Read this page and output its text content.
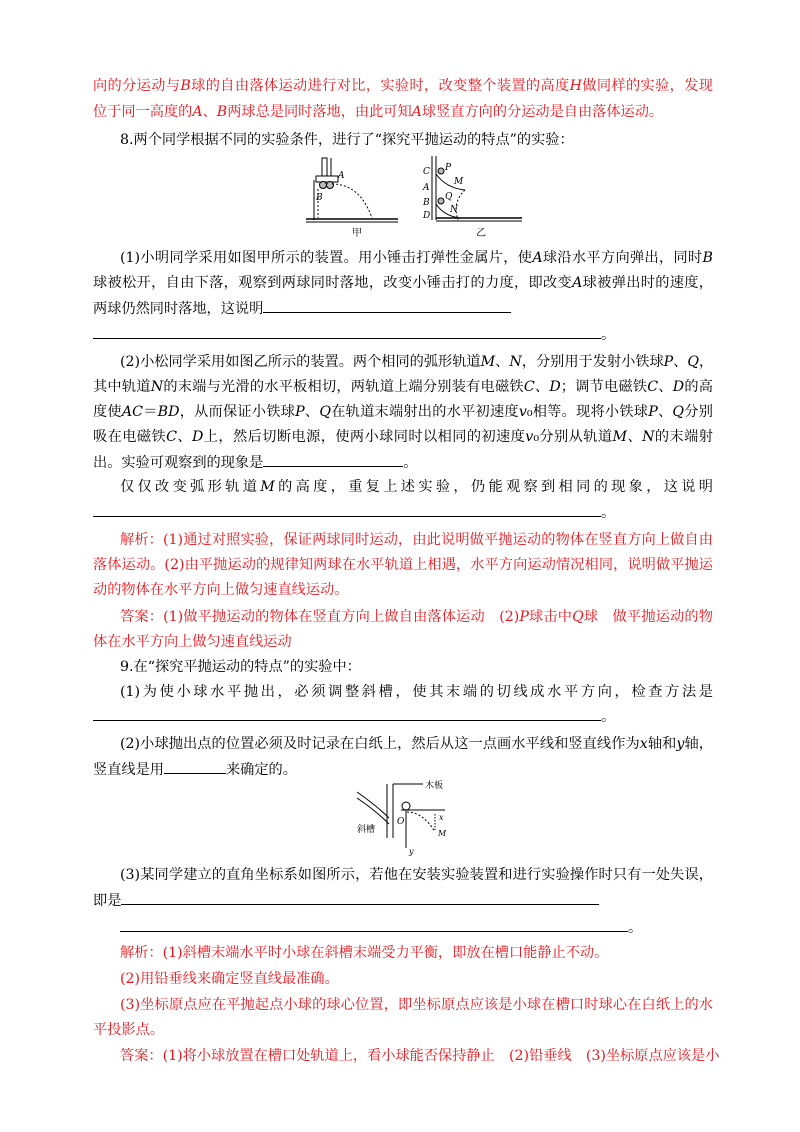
向的分运动与B球的自由落体运动进行对比，实验时，改变整个装置的高度H做同样的实验，发现
位于同一高度的A、B两球总是同时落地，由此可知A球竖直方向的分运动是自由落体运动。
8.两个同学根据不同的实验条件，进行了“探究平抛运动的特点”的实验：
A
B
甲
C P
M
A
Q
B
N
D
乙
(1)小明同学采用如图甲所示的装置。用小锤击打弹性金属片，使A球沿水平方向弹出，同时B
球被松开，自由下落，观察到两球同时落地，改变小锤击打的力度，即改变A球被弹出时的速度，
两球仍然同时落地，这说明
。
(2)小松同学采用如图乙所示的装置。两个相同的弧形轨道M、N，分别用于发射小铁球P、Q，
其中轨道N的末端与光滑的水平板相切，两轨道上端分别装有电磁铁C、D；调节电磁铁C、D的高
度使AC＝BD，从而保证小铁球P、Q在轨道末端射出的水平初速度v₀相等。现将小铁球P、Q分别
吸在电磁铁C、D上，然后切断电源，使两小球同时以相同的初速度v₀分别从轨道M、N的末端射
出。实验可观察到的现象是	。
仅仅改变弧形轨道M的高度，重复上述实验，仍能观察到相同的现象，这说明
。
解析：(1)通过对照实验，保证两球同时运动，由此说明做平抛运动的物体在竖直方向上做自由
落体运动。(2)由平抛运动的规律知两球在水平轨道上相遇，水平方向运动情况相同，说明做平抛运
动的物体在水平方向上做匀速直线运动。
答案：(1)做平抛运动的物体在竖直方向上做自由落体运动　(2)P球击中Q球　做平抛运动的物
体在水平方向上做匀速直线运动
9.在“探究平抛运动的特点”的实验中：
(1)为使小球水平抛出，必须调整斜槽，使其末端的切线成水平方向，检查方法是
。
(2)小球抛出点的位置必须及时记录在白纸上，然后从这一点画水平线和竖直线作为x轴和y轴，
竖直线是用	来确定的。
木板
斜槽
O	x
y
M
(3)某同学建立的直角坐标系如图所示，若他在安装实验装置和进行实验操作时只有一处失误，
即是
。
解析：(1)斜槽末端水平时小球在斜槽末端受力平衡，即放在槽口能静止不动。
(2)用铅垂线来确定竖直线最准确。
(3)坐标原点应在平抛起点小球的球心位置，即坐标原点应该是小球在槽口时球心在白纸上的水
平投影点。
答案：(1)将小球放置在槽口处轨道上，看小球能否保持静止　(2)铅垂线　(3)坐标原点应该是小
